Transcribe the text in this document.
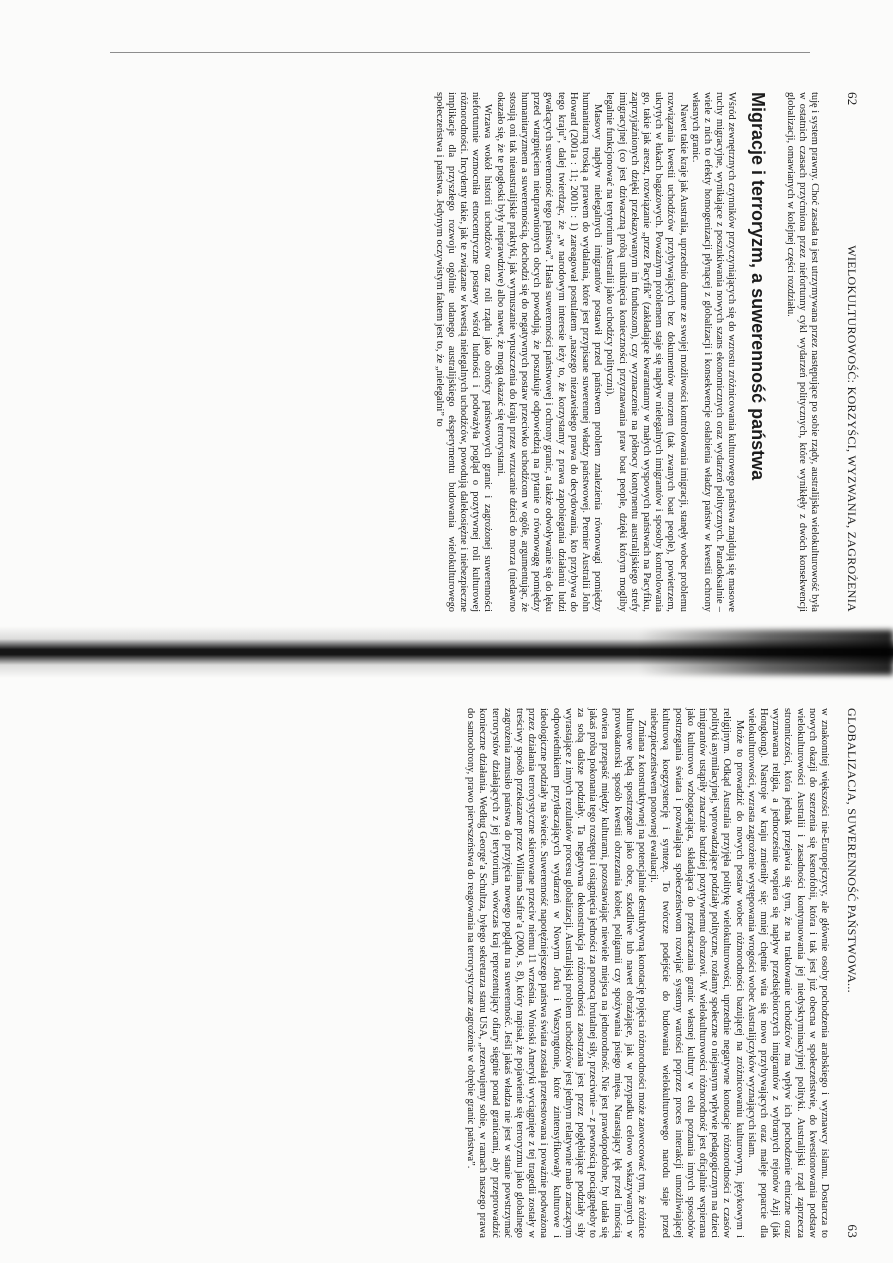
62
WIELOKULTUROWOŚĆ: KORZYŚCI, WYZWANIA, ZAGROŻENIA

tuję i system prawny. Choć zasada ta jest utrzymywana przez następujące po sobie rządy, australijska wielokulturowość była w ostatnich czasach przyćmiona przez niefortunny cykl wydarzeń politycznych, które wynikłęły z dwóch konsekwencji globalizacji, omawianych w kolejnej części rozdziału.

Migracje i terroryzm, a suwerenność państwa

Wśród zewnętrznych czynników przyczyniających się do wzrostu zróżnicowania kulturowego państwa znajdują się masowe ruchy migracyjne, wynikające z poszukiwania nowych szans ekonomicznych oraz wydarzeń politycznych. Paradoksalnie – wiele z nich to efekty homogenizacji płynącej z globalizacji i konsekwencje osłabienia władzy państw w kwestii ochrony własnych granic.

Nawet takie kraje jak Australia, uprzednio dumne ze swojej możliwości kontrolowania imigracji, stanęły wobec problemu rozwiązania kwestii uchodźców przybywających bez dokumentów morzem (tak zwanych boat people), powietrzem, ukrytych w łukach bagażowych. Poważnym problemem staje się napływ nielegalnych imigrantów i sposoby kontrolowania go, takie jak areszt, rozwiązanie „przez Pacyfik” (zakładające kwarantanny w małych wyspowych państwach na Pacyfiku, zaprzyjaźnionych dzięki przekazywanym im funduszom), czy wyznaczenie na północy kontynentu australijskiego strefy imigracyjnej (co jest dziwaczną próbą uniknięcia konieczności przyznawania praw boat people, dzięki którym mogliby legalnie funkcjonować na terytorium Australii jako uchodźcy polityczni).

Masowy napływ nielegalnych imigrantów postawił przed państwem problem znalezienia równowagi pomiędzy humanitarną troską a prawem do wydalania, które jest przypisane suwerennej władzy państwowej. Premier Australii John Howard (2001a : 11; 2001b : 1) zareagował postulatem „naszego niezawisłego prawa do decydowania, kto przybywa do tego kraju”, dalej twierdząc, że „w narodowym interesie leży to, że korzystamy z prawa zapobiegania działaniu ludzi gwałcących suwerenność tego państwa”. Hasła suwerenności państwowej i ochrony granic, a także odwoływanie się do lęku przed wtargnięciem nieuprawnionych obcych powodują, że poszukuje odpowiedzią na pytanie o równowagę pomiędzy humanitaryzmem a suwerennością, dochodzi się do negatywnych postaw przeciwko uchodźcom w ogóle, argumentując, że stosują oni tak nieaustralijskie praktyki, jak wymuszanie wpuszczenia do kraju przez wrzucanie dzieci do morza (niedawno okazało się, że te pogłoski były nieprawdziwe) albo nawet, że mogą okazać się terrorystami.

Wrzawa wokół historii uchodźców oraz roli rządu jako obrońcy państwowych granic i zagrożonej suwerenności niefortunnie wzmocniła etnocentryczne postawy wśród ludności i podważyła pogląd o pozytywnej roli kulturowej różnorodności. Incydenty takie, jak te związane w kwestią nielegalnych uchodźców, powodują dalekosiężne i niebezpieczne implikacje dla przyszłego rozwoju ogólnie udanego australijskiego eksperymentu budowania wielokulturowego społeczeństwa i państwa. Jedynym oczywistym faktem jest to, że „nielegalni” to

GLOBALIZACJA, SUWERENNOŚĆ PAŃSTWOWA...
63

w znakomitej większości nie-Europejczycy, ale głównie osoby pochodzenia arabskiego i wyznawcy islamu. Dostarcza to nowych okazji do szerzenia się ksenofobii, która i tak jest już obecna w społeczeństwie, do kwestionowania podstaw wielokulturowości Australii i zasadności kontynuowania jej niedyskryminacyjnej polityki. Australijski rząd zaprzecza stronniczości, która jednak przejawia się tym, że na traktowanie uchodźców ma wpływ ich pochodzenie etniczne oraz wyznawana religia, a jednocześnie wspiera się napływ przedsiębiorczych imigrantów z wybranych rejonów Azji (jak Hongkong). Nastroje w kraju zmieniły się: mniej chętnie wita się nowo przybywających oraz maleje poparcie dla wielokulturowości, wzrasta zagrożenie występowania wrogości wobec Australijczyków wyznających islam.

Może to prowadzić do nowych postaw wobec różnorodności bazującej na zróżnicowaniu kulturowym, językowym i religijnym. Odkąd Australia przyjęła politykę wielokulturowości, uprzednie negatywne konotacje różnorodności z czasów polityki asymilacyjnej, wprowadzające podziały polityczne, rozłamy społeczne o niejasnym wpływie pedagogicznym na dzieci imigrantów ustąpiły znacznie bardziej pozytywnemu obrazowi. W wielokulturowości różnorodność jest oficjalnie wspierana jako kulturowo wzbogacająca, składająca do przekraczania granic własnej kultury w celu poznania innych sposobów postrzegania świata i pozwalająca społeczeństwom rozwijać systemy wartości poprzez proces interakcji umożliwiającej kulturową koegzystencję i syntezę. To twórcze podejście do budowania wielokulturowego narodu staje przed niebezpieczeństwem ponownej ewaluacji.

Zmiana z konstruktywnej na potencjalnie destruktywną konotację pojęcia różnorodności może zaowocować tym, że różnice kulturowe będą spostrzegane jako obce, szkodliwe lub nawet obrażające, jak w przypadku celowo wskazywanych w prowokatorski sposób kwestii obrzezania kobiet, poligamii czy spożywania psiego mięsa. Narastający lęk przed innością otwiera przepaść między kulturami, pozostawiając niewiele miejsca na jednorodność. Nie jest prawdopodobne, by udała się jakaś próba pokonania tego rozstępu i osiągnięcia jedności za pomocą brutalnej siły, przeciwnie – z pewnością pociągnęłoby to za sobą dalsze podziały. Ta negatywna dekonstrukcja różnorodności zaostrzana jest przez pogłębiające podziały siły wyrastające z innych rezultatów procesu globalizacji. Australijski problem uchodźców jest jednym relatywnie mało znaczącym odpowiednikiem przytłaczających wydarzeń w Nowym Jorku i Waszyngtonie, które zintensyfikowały kulturowe i ideologiczne podziały na świecie. Suwerenność napotężniejszego państwa świata została przetestowana i poważnie podważona przez działania terrorystyczne skierowane przeciw niemu 11 września. Wnioski Ameryki wyciągnięte z tej tragedii zostały w treściwy sposób przekazane przez Williama Safire’a (2000, s. 8), który napisał, że pojawienie się terroryzmu jako globalnego zagrożenia zmusiło państwa do przyjęcia nowego poglądu na suwerenność. Jeśli jakaś władza nie jest w stanie powstrzymać terrorystów działających z jej terytorium, wówczas kraj reprezentujący ofiary sięgnie ponad granicami, aby przeprowadzić konieczne działania. Według George’a Schultza, byłego sekretarza stanu USA, „rezerwujemy sobie, w ramach naszego prawa do samoobrony, prawo pierwszeństwa do reagowania na terrorystyczne zagrożenie w obrębie granic państwa”.
